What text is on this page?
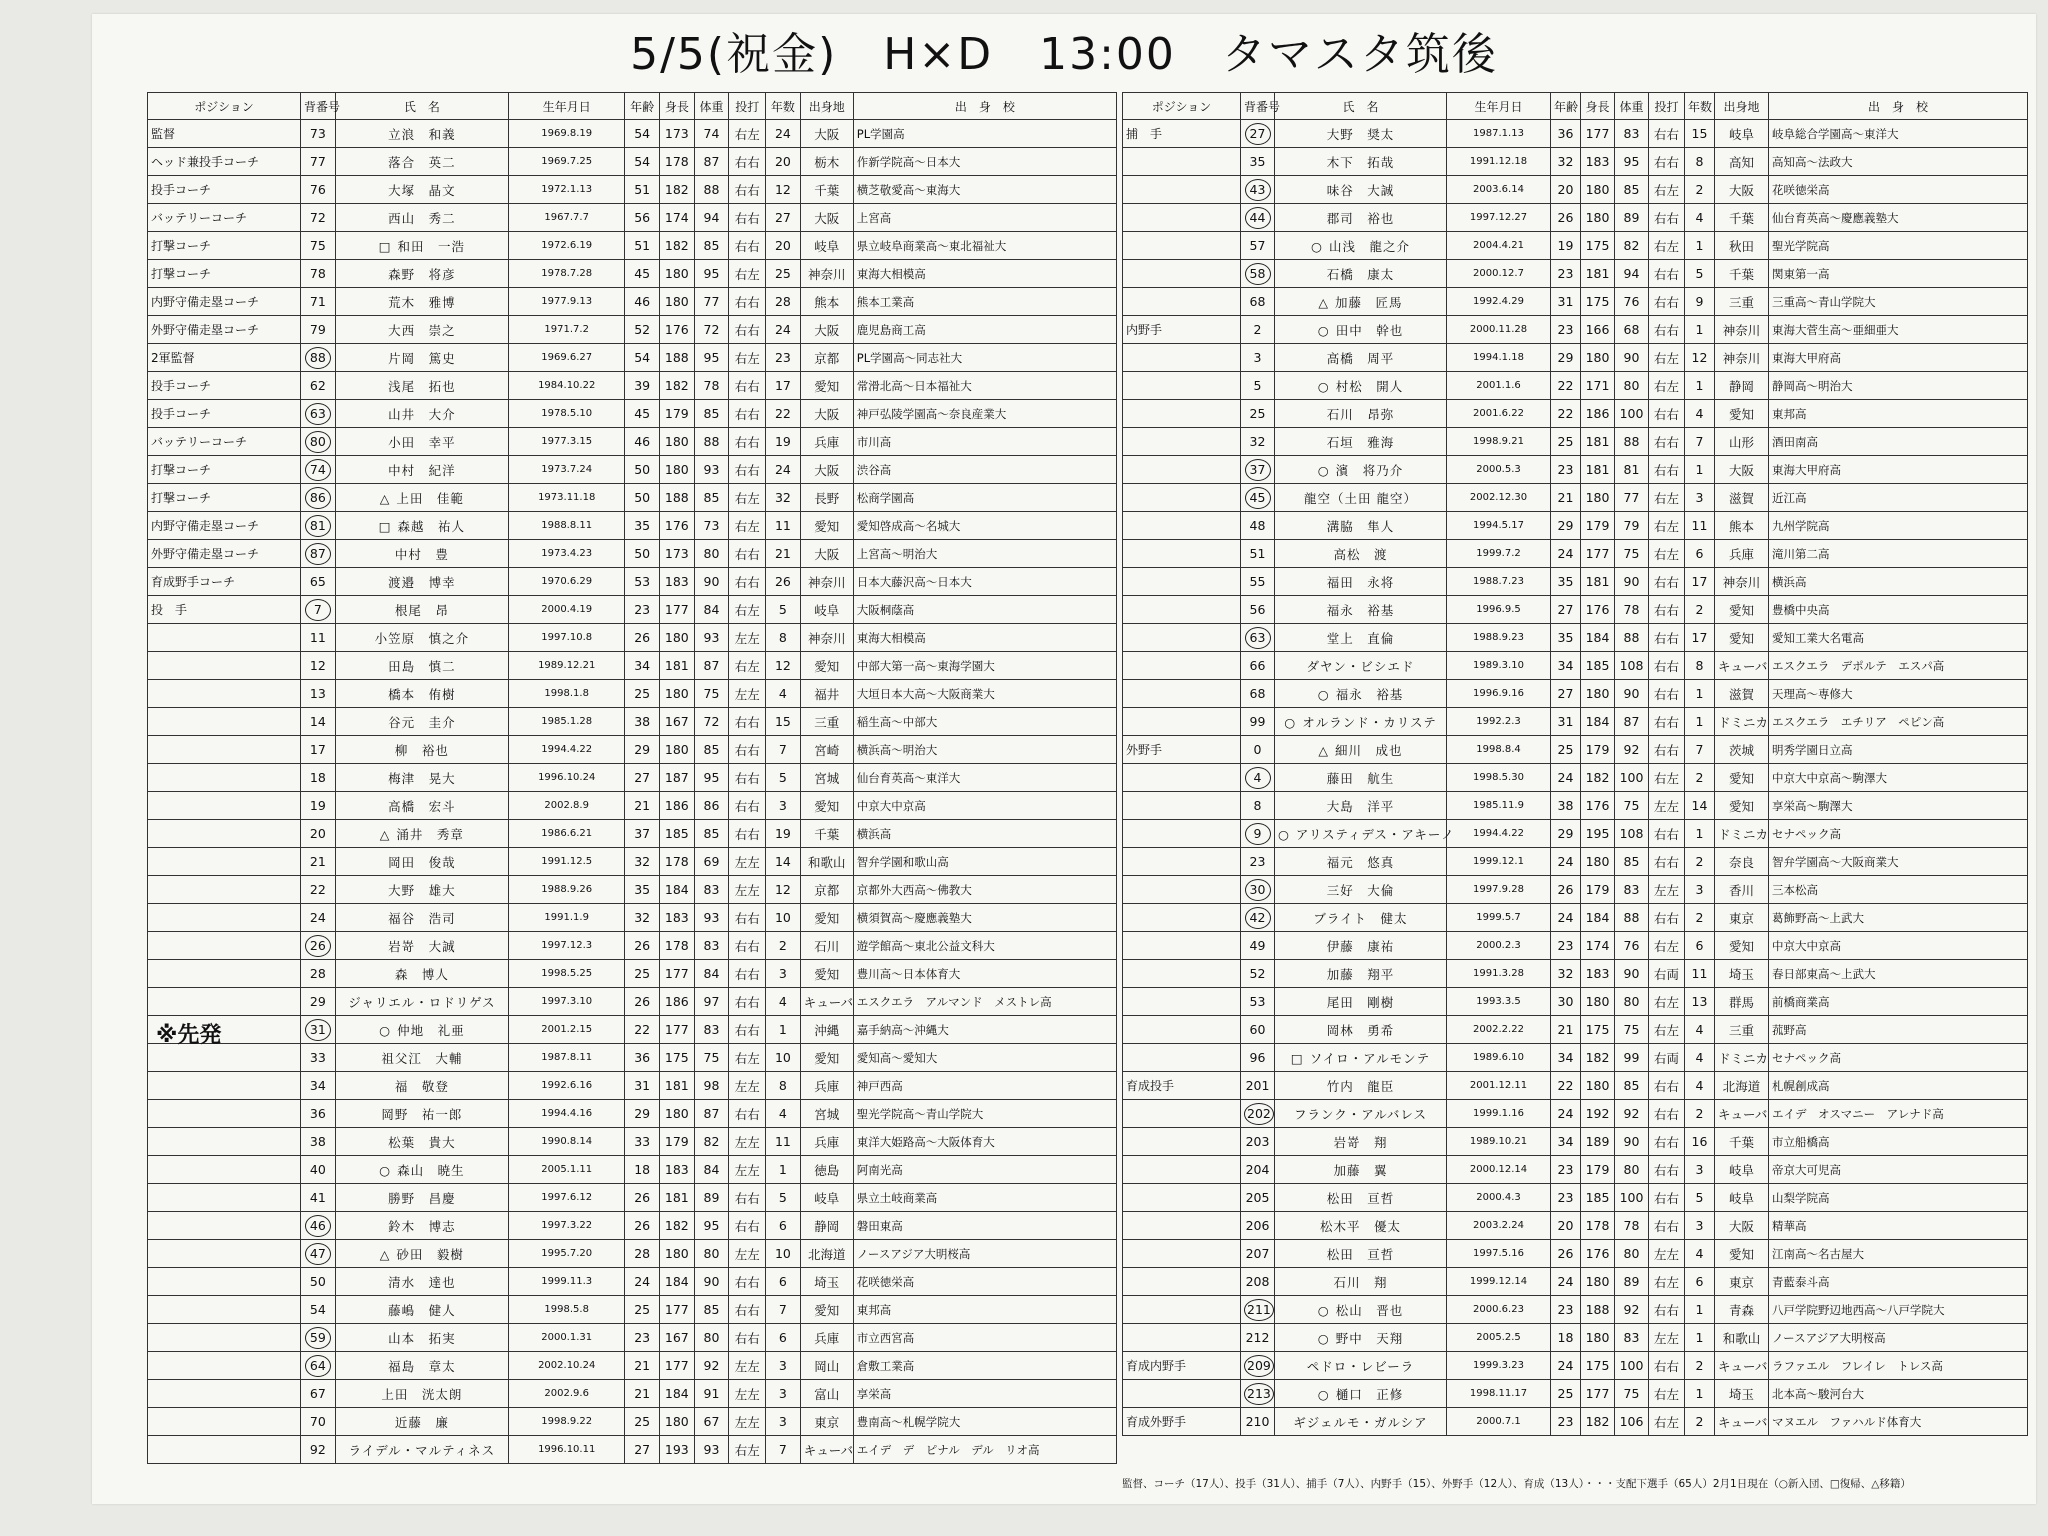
5/5(祝金)　H×D　13:00　タマスタ筑後
ポジション	背番号	氏　名	生年月日	年齢	身長	体重	投打	年数	出身地	出　身　校
監督	73	立浪　和義	1969.8.19	54	173	74	右左	24	大阪	PL学園高
ヘッド兼投手コーチ	77	落合　英二	1969.7.25	54	178	87	右右	20	栃木	作新学院高～日本大
投手コーチ	76	大塚　晶文	1972.1.13	51	182	88	右右	12	千葉	横芝敬愛高～東海大
バッテリーコーチ	72	西山　秀二	1967.7.7	56	174	94	右右	27	大阪	上宮高
打撃コーチ	75	□ 和田　一浩	1972.6.19	51	182	85	右右	20	岐阜	県立岐阜商業高～東北福祉大
打撃コーチ	78	森野　将彦	1978.7.28	45	180	95	右左	25	神奈川	東海大相模高
内野守備走塁コーチ	71	荒木　雅博	1977.9.13	46	180	77	右右	28	熊本	熊本工業高
外野守備走塁コーチ	79	大西　崇之	1971.7.2	52	176	72	右右	24	大阪	鹿児島商工高
2軍監督	88	片岡　篤史	1969.6.27	54	188	95	右左	23	京都	PL学園高～同志社大
投手コーチ	62	浅尾　拓也	1984.10.22	39	182	78	右右	17	愛知	常滑北高～日本福祉大
投手コーチ	63	山井　大介	1978.5.10	45	179	85	右右	22	大阪	神戸弘陵学園高～奈良産業大
バッテリーコーチ	80	小田　幸平	1977.3.15	46	180	88	右右	19	兵庫	市川高
打撃コーチ	74	中村　紀洋	1973.7.24	50	180	93	右右	24	大阪	渋谷高
打撃コーチ	86	△ 上田　佳範	1973.11.18	50	188	85	右左	32	長野	松商学園高
内野守備走塁コーチ	81	□ 森越　祐人	1988.8.11	35	176	73	右左	11	愛知	愛知啓成高～名城大
外野守備走塁コーチ	87	中村　豊	1973.4.23	50	173	80	右右	21	大阪	上宮高～明治大
育成野手コーチ	65	渡邉　博幸	1970.6.29	53	183	90	右右	26	神奈川	日本大藤沢高～日本大
投　手	7	根尾　昂	2000.4.19	23	177	84	右左	5	岐阜	大阪桐蔭高
	11	小笠原　慎之介	1997.10.8	26	180	93	左左	8	神奈川	東海大相模高
	12	田島　慎二	1989.12.21	34	181	87	右左	12	愛知	中部大第一高～東海学園大
	13	橋本　侑樹	1998.1.8	25	180	75	左左	4	福井	大垣日本大高～大阪商業大
	14	谷元　圭介	1985.1.28	38	167	72	右右	15	三重	稲生高～中部大
	17	柳　裕也	1994.4.22	29	180	85	右右	7	宮崎	横浜高～明治大
	18	梅津　晃大	1996.10.24	27	187	95	右右	5	宮城	仙台育英高～東洋大
	19	高橋　宏斗	2002.8.9	21	186	86	右右	3	愛知	中京大中京高
	20	△ 涌井　秀章	1986.6.21	37	185	85	右右	19	千葉	横浜高
	21	岡田　俊哉	1991.12.5	32	178	69	左左	14	和歌山	智弁学園和歌山高
	22	大野　雄大	1988.9.26	35	184	83	左左	12	京都	京都外大西高～佛教大
	24	福谷　浩司	1991.1.9	32	183	93	右右	10	愛知	横須賀高～慶應義塾大
	26	岩嵜　大誠	1997.12.3	26	178	83	右右	2	石川	遊学館高～東北公益文科大
	28	森　博人	1998.5.25	25	177	84	右右	3	愛知	豊川高～日本体育大
	29	ジャリエル・ロドリゲス	1997.3.10	26	186	97	右右	4	キューバ	エスクエラ　アルマンド　メストレ高
	31	○ 仲地　礼亜	2001.2.15	22	177	83	右右	1	沖縄	嘉手納高～沖縄大
	33	祖父江　大輔	1987.8.11	36	175	75	右左	10	愛知	愛知高～愛知大
	34	福　敬登	1992.6.16	31	181	98	左左	8	兵庫	神戸西高
	36	岡野　祐一郎	1994.4.16	29	180	87	右右	4	宮城	聖光学院高～青山学院大
	38	松葉　貴大	1990.8.14	33	179	82	左左	11	兵庫	東洋大姫路高～大阪体育大
	40	○ 森山　暁生	2005.1.11	18	183	84	左左	1	徳島	阿南光高
	41	勝野　昌慶	1997.6.12	26	181	89	右右	5	岐阜	県立土岐商業高
	46	鈴木　博志	1997.3.22	26	182	95	右右	6	静岡	磐田東高
	47	△ 砂田　毅樹	1995.7.20	28	180	80	左左	10	北海道	ノースアジア大明桜高
	50	清水　達也	1999.11.3	24	184	90	右右	6	埼玉	花咲徳栄高
	54	藤嶋　健人	1998.5.8	25	177	85	右右	7	愛知	東邦高
	59	山本　拓実	2000.1.31	23	167	80	右右	6	兵庫	市立西宮高
	64	福島　章太	2002.10.24	21	177	92	左左	3	岡山	倉敷工業高
	67	上田　洸太朗	2002.9.6	21	184	91	左左	3	富山	享栄高
	70	近藤　廉	1998.9.22	25	180	67	左左	3	東京	豊南高～札幌学院大
	92	ライデル・マルティネス	1996.10.11	27	193	93	右左	7	キューバ	エイデ　デ　ピナル　デル　リオ高
ポジション	背番号	氏　名	生年月日	年齢	身長	体重	投打	年数	出身地	出　身　校
捕　手	27	大野　奨太	1987.1.13	36	177	83	右右	15	岐阜	岐阜総合学園高～東洋大
	35	木下　拓哉	1991.12.18	32	183	95	右右	8	高知	高知高～法政大
	43	味谷　大誠	2003.6.14	20	180	85	右左	2	大阪	花咲徳栄高
	44	郡司　裕也	1997.12.27	26	180	89	右右	4	千葉	仙台育英高～慶應義塾大
	57	○ 山浅　龍之介	2004.4.21	19	175	82	右左	1	秋田	聖光学院高
	58	石橋　康太	2000.12.7	23	181	94	右右	5	千葉	関東第一高
	68	△ 加藤　匠馬	1992.4.29	31	175	76	右右	9	三重	三重高～青山学院大
内野手	2	○ 田中　幹也	2000.11.28	23	166	68	右右	1	神奈川	東海大菅生高～亜細亜大
	3	高橋　周平	1994.1.18	29	180	90	右左	12	神奈川	東海大甲府高
	5	○ 村松　開人	2001.1.6	22	171	80	右左	1	静岡	静岡高～明治大
	25	石川　昂弥	2001.6.22	22	186	100	右右	4	愛知	東邦高
	32	石垣　雅海	1998.9.21	25	181	88	右右	7	山形	酒田南高
	37	○ 濱　将乃介	2000.5.3	23	181	81	右右	1	大阪	東海大甲府高
	45	龍空（土田 龍空）	2002.12.30	21	180	77	右左	3	滋賀	近江高
	48	溝脇　隼人	1994.5.17	29	179	79	右左	11	熊本	九州学院高
	51	高松　渡	1999.7.2	24	177	75	右左	6	兵庫	滝川第二高
	55	福田　永将	1988.7.23	35	181	90	右右	17	神奈川	横浜高
	56	福永　裕基	1996.9.5	27	176	78	右右	2	愛知	豊橋中央高
	63	堂上　直倫	1988.9.23	35	184	88	右右	17	愛知	愛知工業大名電高
	66	ダヤン・ビシエド	1989.3.10	34	185	108	右右	8	キューバ	エスクエラ　デポルテ　エスパ高
	68	○ 福永　裕基	1996.9.16	27	180	90	右右	1	滋賀	天理高～専修大
	99	○ オルランド・カリステ	1992.2.3	31	184	87	右右	1	ドミニカ	エスクエラ　エチリア　ペピン高
外野手	0	△ 細川　成也	1998.8.4	25	179	92	右右	7	茨城	明秀学園日立高
	4	藤田　航生	1998.5.30	24	182	100	右左	2	愛知	中京大中京高～駒澤大
	8	大島　洋平	1985.11.9	38	176	75	左左	14	愛知	享栄高～駒澤大
	9	○ アリスティデス・アキーノ	1994.4.22	29	195	108	右右	1	ドミニカ	セナペック高
	23	福元　悠真	1999.12.1	24	180	85	右右	2	奈良	智弁学園高～大阪商業大
	30	三好　大倫	1997.9.28	26	179	83	左左	3	香川	三本松高
	42	ブライト　健太	1999.5.7	24	184	88	右右	2	東京	葛飾野高～上武大
	49	伊藤　康祐	2000.2.3	23	174	76	右左	6	愛知	中京大中京高
	52	加藤　翔平	1991.3.28	32	183	90	右両	11	埼玉	春日部東高～上武大
	53	尾田　剛樹	1993.3.5	30	180	80	右左	13	群馬	前橋商業高
	60	岡林　勇希	2002.2.22	21	175	75	右左	4	三重	菰野高
	96	□ ソイロ・アルモンテ	1989.6.10	34	182	99	右両	4	ドミニカ	セナペック高
育成投手	201	竹内　龍臣	2001.12.11	22	180	85	右右	4	北海道	札幌創成高
	202	フランク・アルバレス	1999.1.16	24	192	92	右右	2	キューバ	エイデ　オスマニー　アレナド高
	203	岩嵜　翔	1989.10.21	34	189	90	右右	16	千葉	市立船橋高
	204	加藤　翼	2000.12.14	23	179	80	右右	3	岐阜	帝京大可児高
	205	松田　亘哲	2000.4.3	23	185	100	右右	5	岐阜	山梨学院高
	206	松木平　優太	2003.2.24	20	178	78	右右	3	大阪	精華高
	207	松田　亘哲	1997.5.16	26	176	80	左左	4	愛知	江南高～名古屋大
	208	石川　翔	1999.12.14	24	180	89	右左	6	東京	青藍泰斗高
	211	○ 松山　晋也	2000.6.23	23	188	92	右右	1	青森	八戸学院野辺地西高～八戸学院大
	212	○ 野中　天翔	2005.2.5	18	180	83	左左	1	和歌山	ノースアジア大明桜高
育成内野手	209	ペドロ・レビーラ	1999.3.23	24	175	100	右右	2	キューバ	ラファエル　フレイレ　トレス高
	213	○ 樋口　正修	1998.11.17	25	177	75	右左	1	埼玉	北本高～駿河台大
育成外野手	210	ギジェルモ・ガルシア	2000.7.1	23	182	106	右左	2	キューバ	マヌエル　ファハルド体育大
※先発
監督、コーチ（17人）、投手（31人）、捕手（7人）、内野手（15）、外野手（12人）、育成（13人）・・・支配下選手（65人）2月1日現在（○新入団、□復帰、△移籍）
